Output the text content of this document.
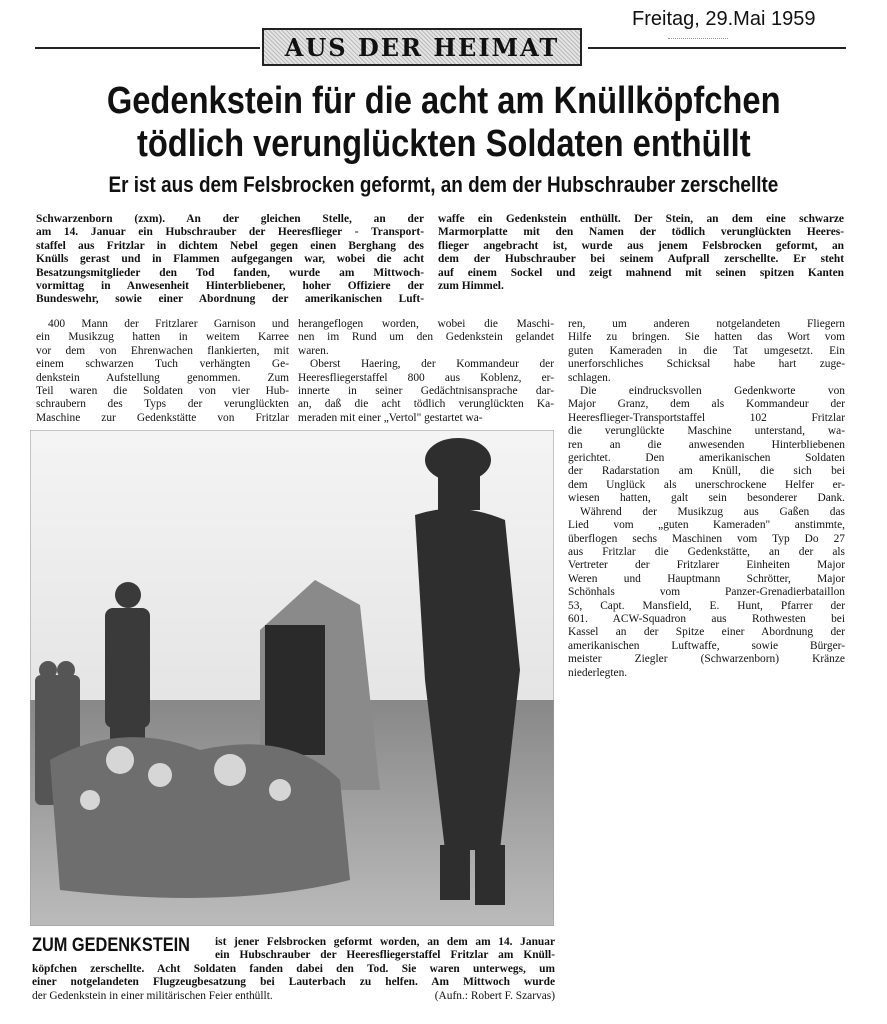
Freitag, 29.Mai 1959
AUS DER HEIMAT
Gedenkstein für die acht am Knüllköpfchen
tödlich verunglückten Soldaten enthüllt
Er ist aus dem Felsbrocken geformt, an dem der Hubschrauber zerschellte
Schwarzenborn (zxm). An der gleichen Stelle, an der
am 14. Januar ein Hubschrauber der Heeresflieger - Transport-
staffel aus Fritzlar in dichtem Nebel gegen einen Berghang des
Knülls gerast und in Flammen aufgegangen war, wobei die acht
Besatzungsmitglieder den Tod fanden, wurde am Mittwoch-
vormittag in Anwesenheit Hinterbliebener, hoher Offiziere der
Bundeswehr, sowie einer Abordnung der amerikanischen Luft-
waffe ein Gedenkstein enthüllt. Der Stein, an dem eine schwarze
Marmorplatte mit den Namen der tödlich verunglückten Heeres-
flieger angebracht ist, wurde aus jenem Felsbrocken geformt, an
dem der Hubschrauber bei seinem Aufprall zerschellte. Er steht
auf einem Sockel und zeigt mahnend mit seinen spitzen Kanten
zum Himmel.
400 Mann der Fritzlarer Garnison und
ein Musikzug hatten in weitem Karree
vor dem von Ehrenwachen flankierten, mit
einem schwarzen Tuch verhängten Ge-
denkstein Aufstellung genommen. Zum
Teil waren die Soldaten von vier Hub-
schraubern des Typs der verunglückten
Maschine zur Gedenkstätte von Fritzlar
herangeflogen worden, wobei die Maschi-
nen im Rund um den Gedenkstein gelandet
waren.
Oberst Haering, der Kommandeur der
Heeresfliegerstaffel 800 aus Koblenz, er-
innerte in seiner Gedächtnisansprache dar-
an, daß die acht tödlich verunglückten Ka-
meraden mit einer „Vertol" gestartet wa-
ren, um anderen notgelandeten Fliegern
Hilfe zu bringen. Sie hatten das Wort vom
guten Kameraden in die Tat umgesetzt. Ein
unerforschliches Schicksal habe hart zuge-
schlagen.
Die eindrucksvollen Gedenkworte von
Major Granz, dem als Kommandeur der
Heeresflieger-Transportstaffel 102 Fritzlar
die verunglückte Maschine unterstand, wa-
ren an die anwesenden Hinterbliebenen
gerichtet. Den amerikanischen Soldaten
der Radarstation am Knüll, die sich bei
dem Unglück als unerschrockene Helfer er-
wiesen hatten, galt sein besonderer Dank.
Während der Musikzug aus Gaßen das
Lied vom „guten Kameraden" anstimmte,
überflogen sechs Maschinen vom Typ Do 27
aus Fritzlar die Gedenkstätte, an der als
Vertreter der Fritzlarer Einheiten Major
Weren und Hauptmann Schrötter, Major
Schönhals vom Panzer-Grenadierbataillon
53, Capt. Mansfield, E. Hunt, Pfarrer der
601. ACW-Squadron aus Rothwesten bei
Kassel an der Spitze einer Abordnung der
amerikanischen Luftwaffe, sowie Bürger-
meister Ziegler (Schwarzenborn) Kränze
niederlegten.
ZUM GEDENKSTEIN ist jener Felsbrocken geformt worden, an dem am 14. Januar
ein Hubschrauber der Heeresfliegerstaffel Fritzlar am Knüll-
köpfchen zerschellte. Acht Soldaten fanden dabei den Tod. Sie waren unterwegs, um
einer notgelandeten Flugzeugbesatzung bei Lauterbach zu helfen. Am Mittwoch wurde
der Gedenkstein in einer militärischen Feier enthüllt.	(Aufn.: Robert F. Szarvas)
